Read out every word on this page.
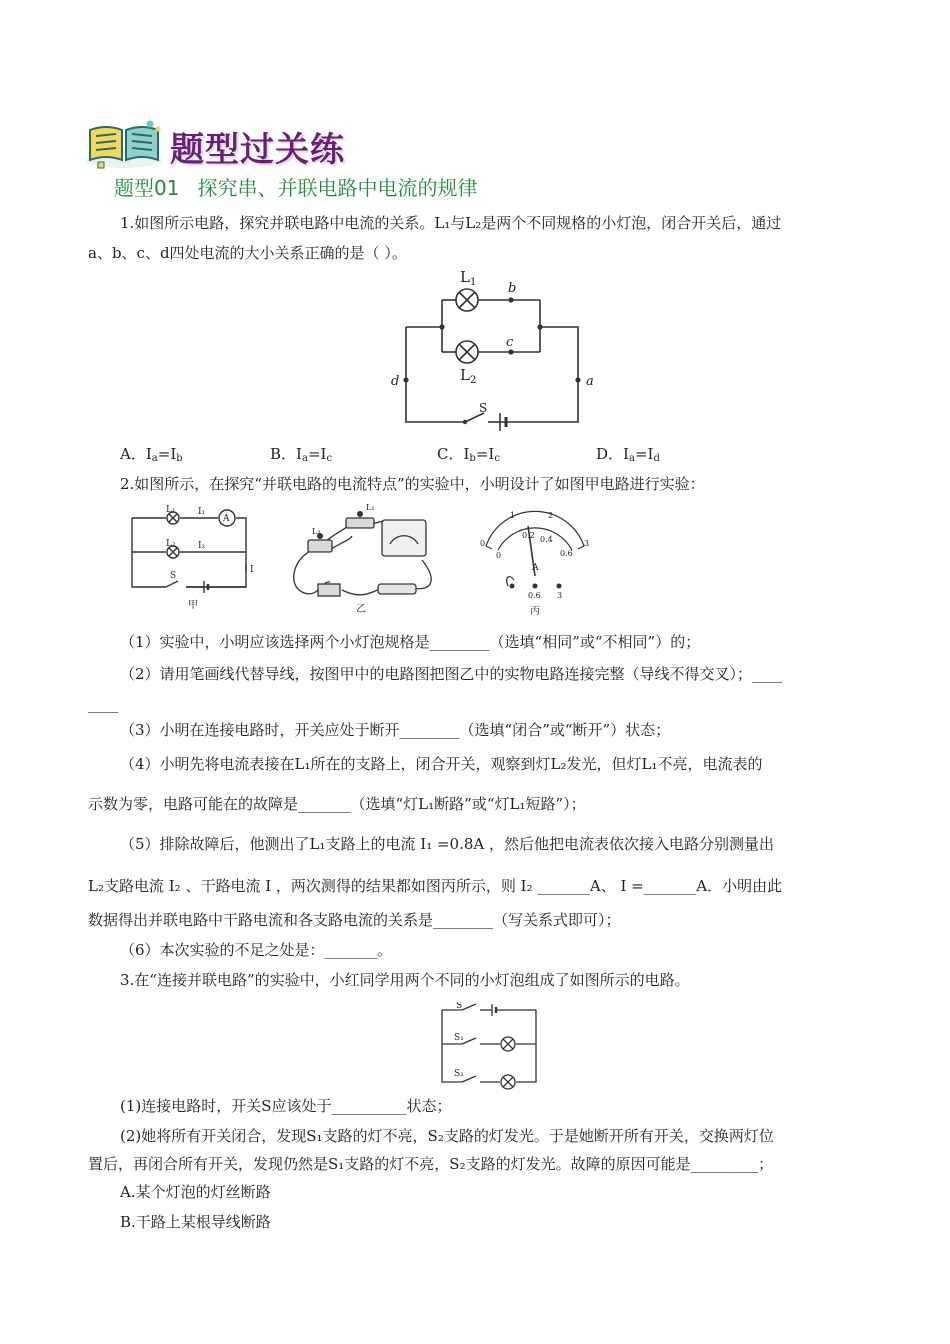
题型过关练
题型01 探究串、并联电路中电流的规律
1.如图所示电路，探究并联电路中电流的关系。L₁与L₂是两个不同规格的小灯泡，闭合开关后，通过
a、b、c、d四处电流的大小关系正确的是（ ）。
$L_1$
$L_2$
b
c
d	a
S
A．$I_a=I_b$	B．$I_a=I_c$	C．$I_b=I_c$	D．$I_a=I_d$
2.如图所示，在探究“并联电路的电流特点”的实验中，小明设计了如图甲电路进行实验：
L₁
L₂
I₁
I₂
A
I
S
甲
L₁
L₂
乙
0
1	2
3
0
0.2 0.4
0.6
A
0.6 3
丙
（1）实验中，小明应该选择两个小灯泡规格是________（选填“相同”或“不相同”）的；
（2）请用笔画线代替导线，按图甲中的电路图把图乙中的实物电路连接完整（导线不得交叉）；____
____
（3）小明在连接电路时，开关应处于断开________（选填“闭合”或“断开”）状态；
（4）小明先将电流表接在L₁所在的支路上，闭合开关，观察到灯L₂发光，但灯L₁不亮，电流表的
示数为零，电路可能在的故障是_______（选填“灯L₁断路”或“灯L₁短路”）；
（5）排除故障后，他测出了L₁支路上的电流 I₁ =0.8A ，然后他把电流表依次接入电路分别测量出
L₂支路电流 I₂ 、干路电流 I ，两次测得的结果都如图丙所示，则 I₂ _______A、 I =_______A．小明由此
数据得出并联电路中干路电流和各支路电流的关系是________（写关系式即可）；
（6）本次实验的不足之处是：_______。
3.在“连接并联电路”的实验中，小红同学用两个不同的小灯泡组成了如图所示的电路。
S
S₁
S₂
(1)连接电路时，开关S应该处于__________状态；
(2)她将所有开关闭合，发现S₁支路的灯不亮，S₂支路的灯发光。于是她断开所有开关，交换两灯位
置后，再闭合所有开关，发现仍然是S₁支路的灯不亮，S₂支路的灯发光。故障的原因可能是_________；
A.某个灯泡的灯丝断路
B.干路上某根导线断路
